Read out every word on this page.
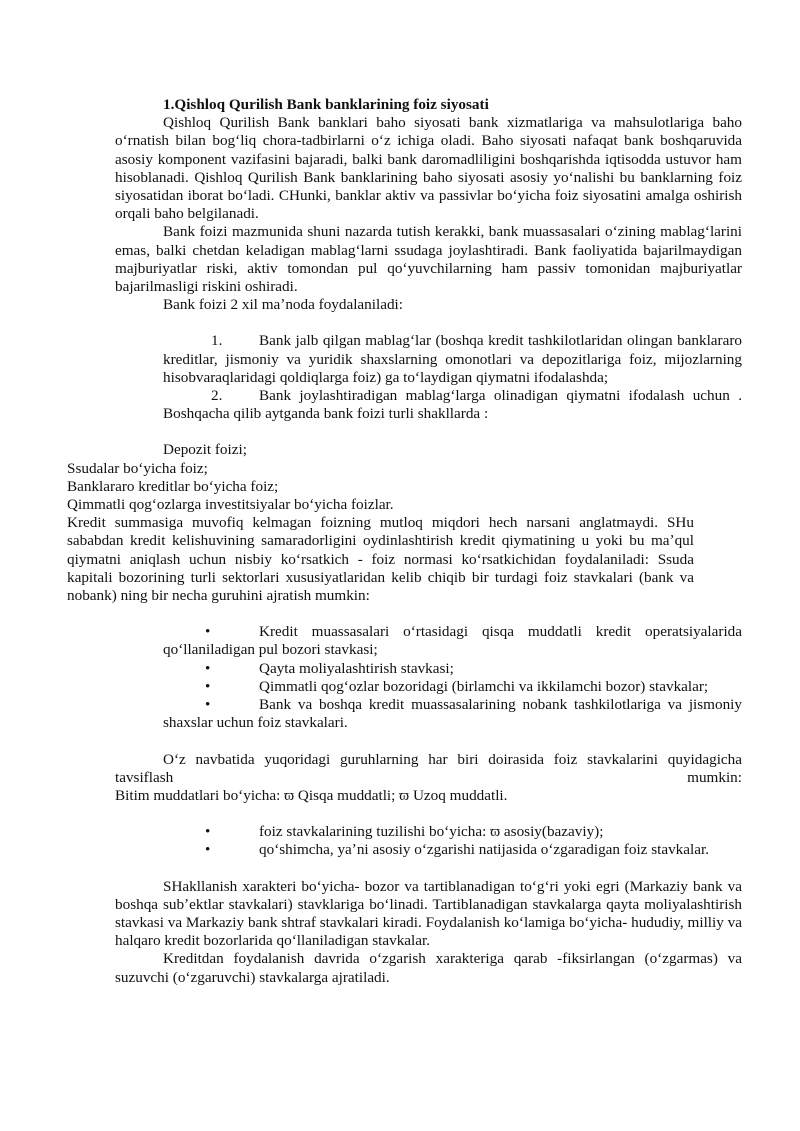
1.Qishloq Qurilish Bank banklarining foiz siyosati

Qishloq Qurilish Bank banklari baho siyosati bank xizmatlariga va mahsulotlariga baho oʻrnatish bilan bogʻliq chora-tadbirlarni oʻz ichiga oladi. Baho siyosati nafaqat bank boshqaruvida asosiy komponent vazifasini bajaradi, balki bank daromadliligini boshqarishda iqtisodda ustuvor ham hisoblanadi. Qishloq Qurilish Bank banklarining baho siyosati asosiy yoʻnalishi bu banklarning foiz siyosatidan iborat boʻladi. CHunki, banklar aktiv va passivlar boʻyicha foiz siyosatini amalga oshirish orqali baho belgilanadi.

Bank foizi mazmunida shuni nazarda tutish kerakki, bank muassasalari oʻzining mablagʻlarini emas, balki chetdan keladigan mablagʻlarni ssudaga joylashtiradi. Bank faoliyatida bajarilmaydigan majburiyatlar riski, aktiv tomondan pul qoʻyuvchilarning ham passiv tomonidan majburiyatlar bajarilmasligi riskini oshiradi.

Bank foizi 2 xil maʼnoda foydalaniladi:

1. Bank jalb qilgan mablagʻlar (boshqa kredit tashkilotlaridan olingan banklararo kreditlar, jismoniy va yuridik shaxslarning omonotlari va depozitlariga foiz, mijozlarning hisobvaraqlaridagi qoldiqlarga foiz) ga toʻlaydigan qiymatni ifodalashda;

2. Bank joylashtiradigan mablagʻlarga olinadigan qiymatni ifodalash uchun . Boshqacha qilib aytganda bank foizi turli shakllarda :

Depozit foizi;

Ssudalar boʻyicha foiz;

Banklararo kreditlar boʻyicha foiz;

Qimmatli qogʻozlarga investitsiyalar boʻyicha foizlar.

Kredit summasiga muvofiq kelmagan foizning mutloq miqdori hech narsani anglatmaydi. SHu sababdan kredit kelishuvining samaradorligini oydinlashtirish kredit qiymatining u yoki bu maʼqul qiymatni aniqlash uchun nisbiy koʻrsatkich - foiz normasi koʻrsatkichidan foydalaniladi: Ssuda kapitali bozorining turli sektorlari xususiyatlaridan kelib chiqib bir turdagi foiz stavkalari (bank va nobank) ning bir necha guruhini ajratish mumkin:

•	Kredit muassasalari oʻrtasidagi qisqa muddatli kredit operatsiyalarida qoʻllaniladigan pul bozori stavkasi;

•	Qayta moliyalashtirish stavkasi;

•	Qimmatli qogʻozlar bozoridagi (birlamchi va ikkilamchi bozor) stavkalar;

•	Bank va boshqa kredit muassasalarining nobank tashkilotlariga va jismoniy shaxslar uchun foiz stavkalari.

Oʻz navbatida yuqoridagi guruhlarning har biri doirasida foiz stavkalarini quyidagicha

tavsiflash	mumkin:

Bitim muddatlari boʻyicha: ϖ Qisqa muddatli; ϖ Uzoq muddatli.

•	foiz stavkalarining tuzilishi boʻyicha: ϖ asosiy(bazaviy);

•	qoʻshimcha, yaʼni asosiy oʻzgarishi natijasida oʻzgaradigan foiz stavkalar.

SHakllanish xarakteri boʻyicha- bozor va tartiblanadigan toʻgʻri yoki egri (Markaziy bank va boshqa subʼektlar stavkalari) stavklariga boʻlinadi. Tartiblanadigan stavkalarga qayta moliyalashtirish stavkasi va Markaziy bank shtraf stavkalari kiradi. Foydalanish koʻlamiga boʻyicha- hududiy, milliy va halqaro kredit bozorlarida qoʻllaniladigan stavkalar.

Kreditdan foydalanish davrida oʻzgarish xarakteriga qarab -fiksirlangan (oʻzgarmas) va suzuvchi (oʻzgaruvchi) stavkalarga ajratiladi.
